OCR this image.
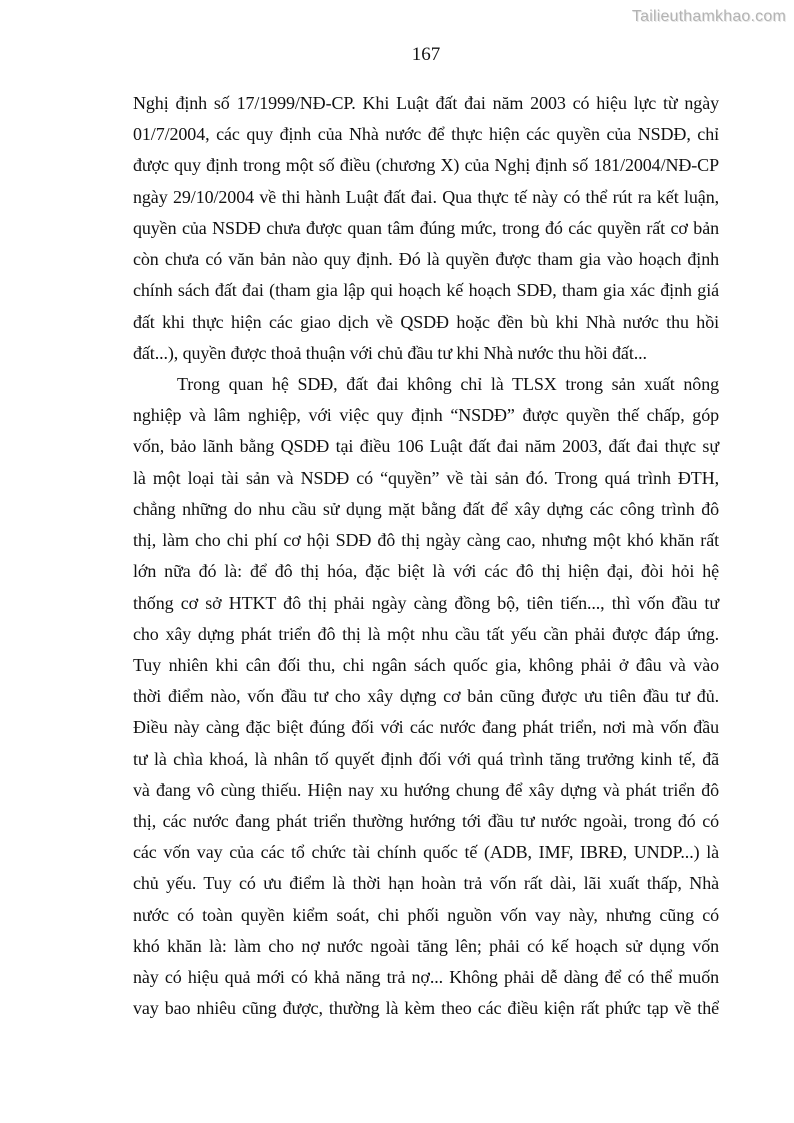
Tailieuthamkhao.com
167
Nghị định số 17/1999/NĐ-CP. Khi Luật đất đai năm 2003 có hiệu lực từ ngày
01/7/2004, các quy định của Nhà nước để thực hiện các quyền của NSDĐ, chỉ
được quy định trong một số điều (chương X) của Nghị định số 181/2004/NĐ-CP
ngày 29/10/2004 về thi hành Luật đất đai. Qua thực tế này có thể rút ra kết luận,
quyền của NSDĐ chưa được quan tâm đúng mức, trong đó các quyền rất cơ bản
còn chưa có văn bản nào quy định. Đó là quyền được tham gia vào hoạch định
chính sách đất đai (tham gia lập qui hoạch kế hoạch SDĐ, tham gia xác định giá
đất khi thực hiện các giao dịch về QSDĐ hoặc đền bù khi Nhà nước thu hồi
đất...), quyền được thoả thuận với chủ đầu tư khi Nhà nước thu hồi đất...
Trong quan hệ SDĐ, đất đai không chỉ là TLSX trong sản xuất nông
nghiệp và lâm nghiệp, với việc quy định “NSDĐ” được quyền thế chấp, góp
vốn, bảo lãnh bằng QSDĐ tại điều 106 Luật đất đai năm 2003, đất đai thực sự
là một loại tài sản và NSDĐ có “quyền” về tài sản đó. Trong quá trình ĐTH,
chẳng những do nhu cầu sử dụng mặt bằng đất để xây dựng các công trình đô
thị, làm cho chi phí cơ hội SDĐ đô thị ngày càng cao, nhưng một khó khăn rất
lớn nữa đó là: để đô thị hóa, đặc biệt là với các đô thị hiện đại, đòi hỏi hệ
thống cơ sở HTKT đô thị phải ngày càng đồng bộ, tiên tiến..., thì vốn đầu tư
cho xây dựng phát triển đô thị là một nhu cầu tất yếu cần phải được đáp ứng.
Tuy nhiên khi cân đối thu, chi ngân sách quốc gia, không phải ở đâu và vào
thời điểm nào, vốn đầu tư cho xây dựng cơ bản cũng được ưu tiên đầu tư đủ.
Điều này càng đặc biệt đúng đối với các nước đang phát triển, nơi mà vốn đầu
tư là chìa khoá, là nhân tố quyết định đối với quá trình tăng trưởng kinh tế, đã
và đang vô cùng thiếu. Hiện nay xu hướng chung để xây dựng và phát triển đô
thị, các nước đang phát triển thường hướng tới đầu tư nước ngoài, trong đó có
các vốn vay của các tổ chức tài chính quốc tế (ADB, IMF, IBRĐ, UNDP...) là
chủ yếu. Tuy có ưu điểm là thời hạn hoàn trả vốn rất dài, lãi xuất thấp, Nhà
nước có toàn quyền kiểm soát, chi phối nguồn vốn vay này, nhưng cũng có
khó khăn là: làm cho nợ nước ngoài tăng lên; phải có kế hoạch sử dụng vốn
này có hiệu quả mới có khả năng trả nợ... Không phải dễ dàng để có thể muốn
vay bao nhiêu cũng được, thường là kèm theo các điều kiện rất phức tạp về thể
